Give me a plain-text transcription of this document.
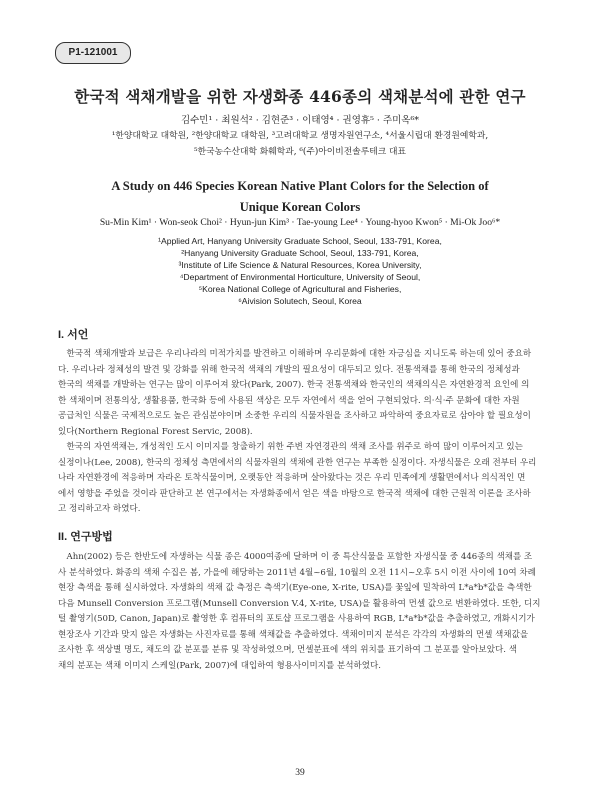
P1-121001
한국적 색채개발을 위한 자생화종 446종의 색채분석에 관한 연구
김수민¹ · 최원석² · 김현준³ · 이태영⁴ · 권영휴⁵ · 주미옥⁶*
¹한양대학교 대학원, ²한양대학교 대학원, ³고려대학교 생명자원연구소, ⁴서울시립대 환경원예학과,
⁵한국농수산대학 화훼학과, ⁶(주)아이비전솔루테크 대표
A Study on 446 Species Korean Native Plant Colors for the Selection of
Unique Korean Colors
Su-Min Kim¹ · Won-seok Choi² · Hyun-jun Kim³ · Tae-young Lee⁴ · Young-hyoo Kwon⁵ · Mi-Ok Joo⁶*
¹Applied Art, Hanyang University Graduate School, Seoul, 133-791, Korea,
²Hanyang University Graduate School, Seoul, 133-791, Korea,
³Institute of Life Science & Natural Resources, Korea University,
⁴Department of Environmental Horticulture, University of Seoul,
⁵Korea National College of Agricultural and Fisheries,
⁶Aivision Solutech, Seoul, Korea
I. 서언
　한국적 색채개발과 보급은 우리나라의 미적가치를 발견하고 이해하며 우리문화에 대한 자긍심을 지니도록 하는데 있어 중요하
다. 우리나라 정체성의 발견 및 강화를 위해 한국적 색채의 개발의 필요성이 대두되고 있다. 전통색채를 통해 한국의 정체성과
한국의 색채를 개발하는 연구는 많이 이루어져 왔다(Park, 2007). 한국 전통색채와 한국인의 색채의식은 자연환경적 요인에 의
한 색채이며 전통의상, 생활용품, 한국화 등에 사용된 색상은 모두 자연에서 색을 얻어 구현되었다. 의·식·주 문화에 대한 자원
공급처인 식물은 국제적으로도 높은 관심분야이며 소중한 우리의 식물자원을 조사하고 파악하여 중요자료로 삼아야 할 필요성이
있다(Northern Regional Forest Servic, 2008).
　한국의 자연색채는, 개성적인 도시 이미지를 창출하기 위한 주변 자연경관의 색채 조사를 위주로 하여 많이 이루어지고 있는
실정이나(Lee, 2008), 한국의 정체성 측면에서의 식물자원의 색채에 관한 연구는 부족한 실정이다. 자생식물은 오래 전부터 우리
나라 자연환경에 적응하며 자라온 토착식물이며, 오랫동안 적응하며 살아왔다는 것은 우리 민족에게 생활면에서나 의식적인 면
에서 영향을 주었을 것이라 판단하고 본 연구에서는 자생화종에서 얻은 색을 바탕으로 한국적 색채에 대한 근원적 이론을 조사하
고 정리하고자 하였다.
II. 연구방법
　Ahn(2002) 등은 한반도에 자생하는 식물 종은 4000여종에 달하며 이 중 특산식물을 포함한 자생식물 중 446종의 색채를 조
사 분석하였다. 화종의 색채 수집은 봄, 가을에 해당하는 2011년 4월~6월, 10월의 오전 11시~오후 5시 이전 사이에 10여 차례
현장 측색을 통해 실시하였다. 자생화의 색채 값 측정은 측색기(Eye-one, X-rite, USA)를 꽃잎에 밀착하여 L*a*b*값을 측색한
다음 Munsell Conversion 프로그램(Munsell Conversion V.4, X-rite, USA)을 활용하여 먼셀 값으로 변환하였다. 또한, 디지
털 촬영기(50D, Canon, Japan)로 촬영한 후 컴퓨터의 포토샵 프로그램을 사용하여 RGB, L*a*b*값을 추출하였고, 개화시기가
현장조사 기간과 맞지 않은 자생화는 사진자료를 통해 색채값을 추출하였다. 색채이미지 분석은 각각의 자생화의 먼셀 색채값을
조사한 후 색상별 명도, 채도의 값 분포를 분류 및 작성하였으며, 먼셀분표에 색의 위치를 표기하여 그 분포를 알아보았다. 색
채의 분포는 색채 이미지 스케일(Park, 2007)에 대입하여 형용사이미지를 분석하였다.
39
